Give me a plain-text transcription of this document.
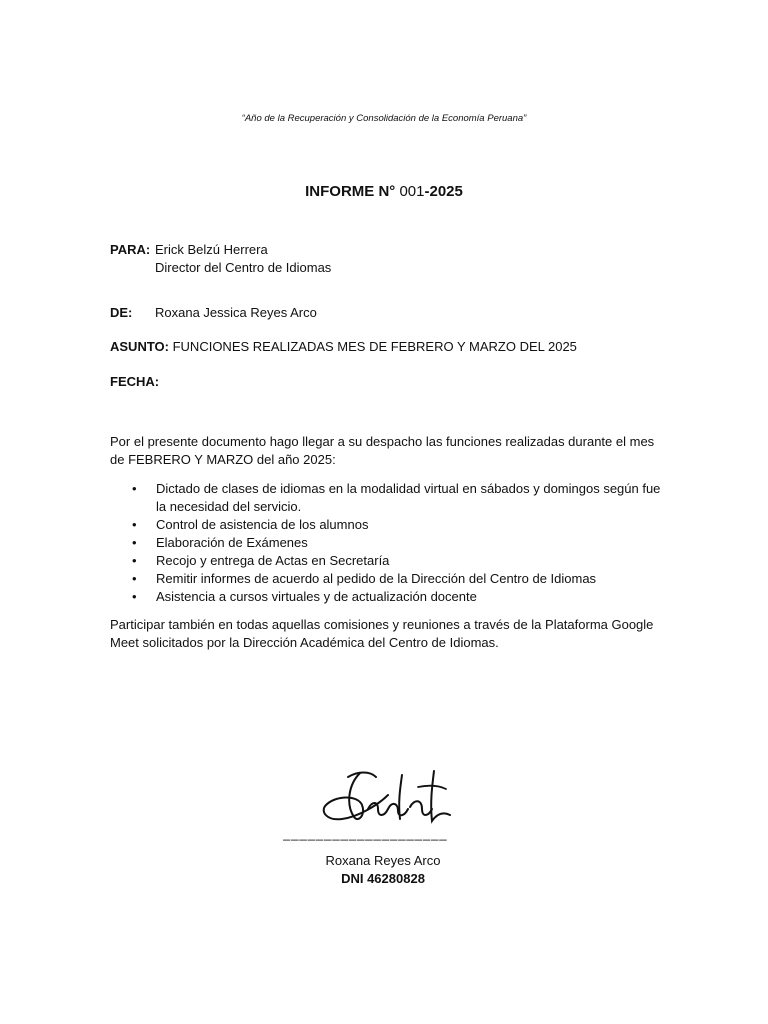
“Año de la Recuperación y Consolidación de la Economía Peruana”
INFORME N° 001-2025
PARA: Erick Belzú Herrera
Director del Centro de Idiomas
DE: Roxana Jessica Reyes Arco
ASUNTO: FUNCIONES REALIZADAS MES DE FEBRERO Y MARZO DEL 2025
FECHA:
Por el presente documento hago llegar a su despacho las funciones realizadas durante el mes de FEBRERO Y MARZO del año 2025:
• Dictado de clases de idiomas en la modalidad virtual en sábados y domingos según fue la necesidad del servicio.
• Control de asistencia de los alumnos
• Elaboración de Exámenes
• Recojo y entrega de Actas en Secretaría
• Remitir informes de acuerdo al pedido de la Dirección del Centro de Idiomas
• Asistencia a cursos virtuales y de actualización docente
Participar también en todas aquellas comisiones y reuniones a través de la Plataforma Google Meet solicitados por la Dirección Académica del Centro de Idiomas.
____________________
Roxana Reyes Arco
DNI 46280828
